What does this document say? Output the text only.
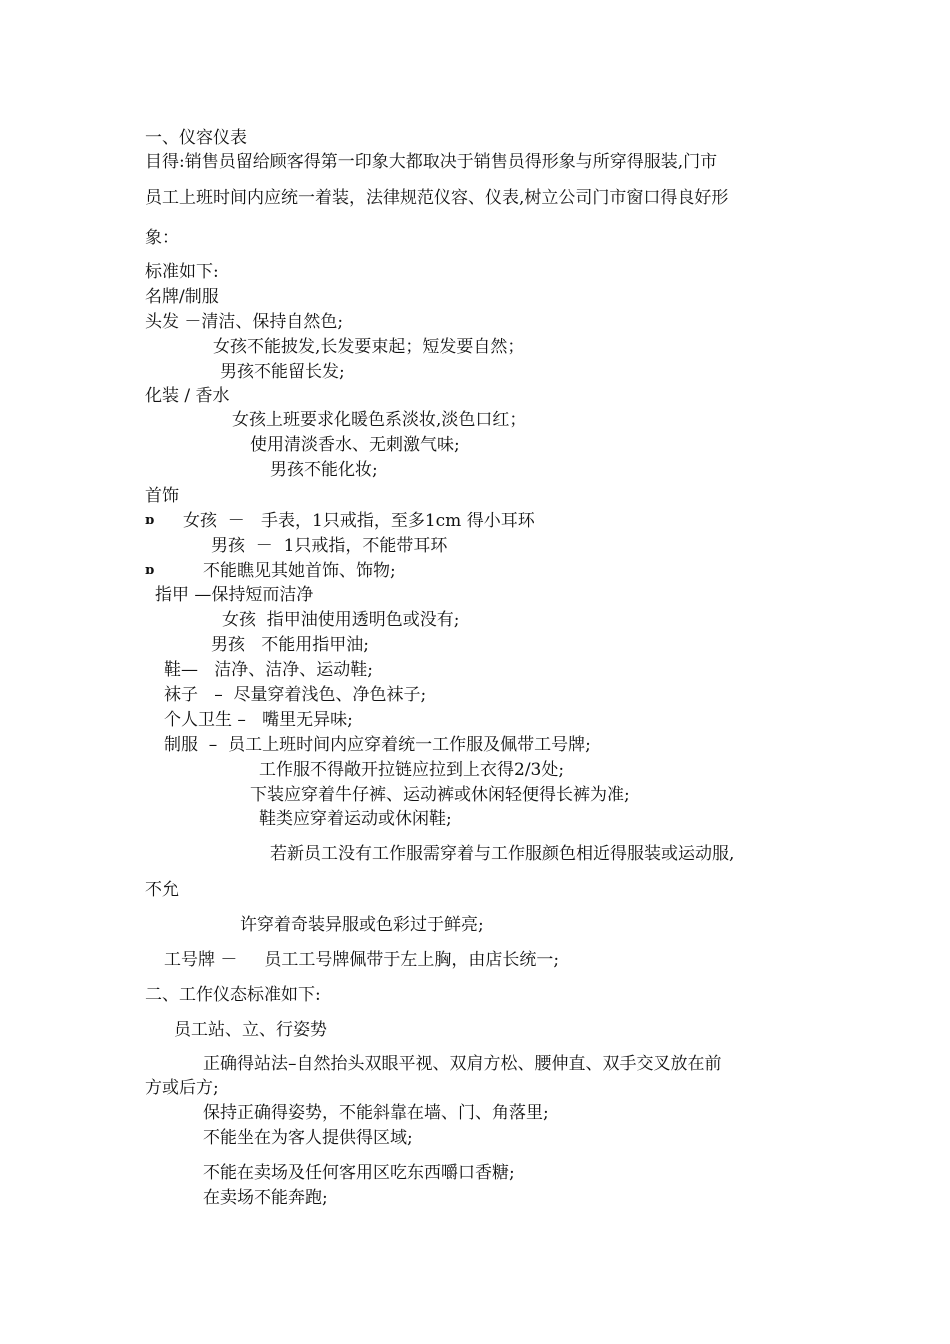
一、仪容仪表
目得:销售员留给顾客得第一印象大都取决于销售员得形象与所穿得服装,门市
员工上班时间内应统一着装，法律规范仪容、仪表,树立公司门市窗口得良好形
象：
标准如下:
名牌/制服
头发 －清洁、保持自然色;
女孩不能披发,长发要束起；短发要自然；
男孩不能留长发;
化装 / 香水
女孩上班要求化暖色系淡妆,淡色口红；
使用清淡香水、无刺激气味;
男孩不能化妆;
首饰
ɒ 女孩  －   手表，1只戒指，至多1cm 得小耳环
男孩  －  1只戒指，不能带耳环
ɒ	不能瞧见其她首饰、饰物;
指甲 —保持短而洁净
女孩  指甲油使用透明色或没有;
男孩   不能用指甲油;
鞋—   洁净、洁净、运动鞋;
袜子   –  尽量穿着浅色、净色袜子;
个人卫生 –   嘴里无异味;
制服  –  员工上班时间内应穿着统一工作服及佩带工号牌;
工作服不得敞开拉链应拉到上衣得2/3处;
下装应穿着牛仔裤、运动裤或休闲轻便得长裤为准;
鞋类应穿着运动或休闲鞋;
若新员工没有工作服需穿着与工作服颜色相近得服装或运动服,
不允
许穿着奇装异服或色彩过于鲜亮;
工号牌 －     员工工号牌佩带于左上胸，由店长统一;
二、工作仪态标准如下:
员工站、立、行姿势
正确得站法–自然抬头双眼平视、双肩方松、腰伸直、双手交叉放在前
方或后方;
保持正确得姿势，不能斜靠在墙、门、角落里;
不能坐在为客人提供得区域;
不能在卖场及任何客用区吃东西嚼口香糖;
在卖场不能奔跑;
